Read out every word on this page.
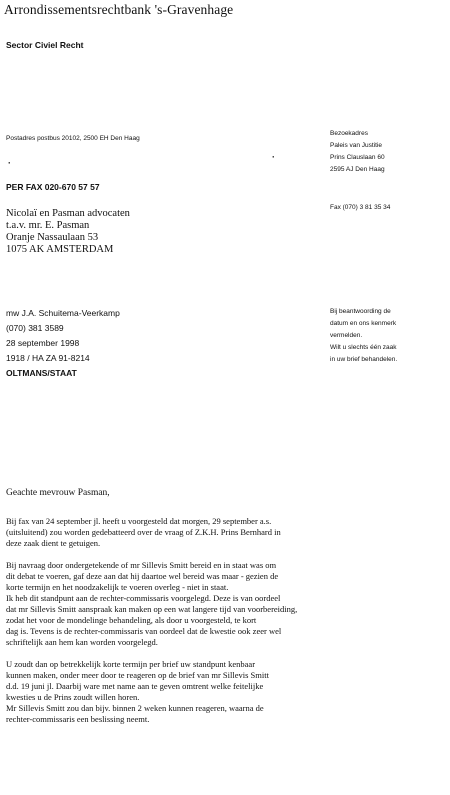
Arrondissementsrechtbank 's-Gravenhage
Sector Civiel Recht
Postadres postbus 20102, 2500 EH Den Haag
Bezoekadres
Paleis van Justitie
Prins Clauslaan 60
2595 AJ Den Haag
·
·
PER FAX 020-670 57 57
Fax (070) 3 81 35 34
Nicolaï en Pasman advocaten
t.a.v. mr. E. Pasman
Oranje Nassaulaan 53
1075 AK AMSTERDAM
mw J.A. Schuitema-Veerkamp
(070) 381 3589
28 september 1998
1918 / HA ZA 91-8214
OLTMANS/STAAT
Bij beantwoording de
datum en ons kenmerk
vermelden.
Wilt u slechts één zaak
in uw brief behandelen.
Geachte mevrouw Pasman,
Bij fax van 24 september jl. heeft u voorgesteld dat morgen, 29 september a.s.
(uitsluitend) zou worden gedebatteerd over de vraag of Z.K.H. Prins Bernhard in
deze zaak dient te getuigen.
Bij navraag door ondergetekende of mr Sillevis Smitt bereid en in staat was om
dit debat te voeren, gaf deze aan dat hij daartoe wel bereid was maar - gezien de
korte termijn en het noodzakelijk te voeren overleg - niet in staat.
Ik heb dit standpunt aan de rechter-commissaris voorgelegd. Deze is van oordeel
dat mr Sillevis Smitt aanspraak kan maken op een wat langere tijd van voorbereiding,
zodat het voor de mondelinge behandeling, als door u voorgesteld, te kort
dag is. Tevens is de rechter-commissaris van oordeel dat de kwestie ook zeer wel
schriftelijk aan hem kan worden voorgelegd.
U zoudt dan op betrekkelijk korte termijn per brief uw standpunt kenbaar
kunnen maken, onder meer door te reageren op de brief van mr Sillevis Smitt
d.d. 19 juni jl. Daarbij ware met name aan te geven omtrent welke feitelijke
kwesties u de Prins zoudt willen horen.
Mr Sillevis Smitt zou dan bijv. binnen 2 weken kunnen reageren, waarna de
rechter-commissaris een beslissing neemt.
